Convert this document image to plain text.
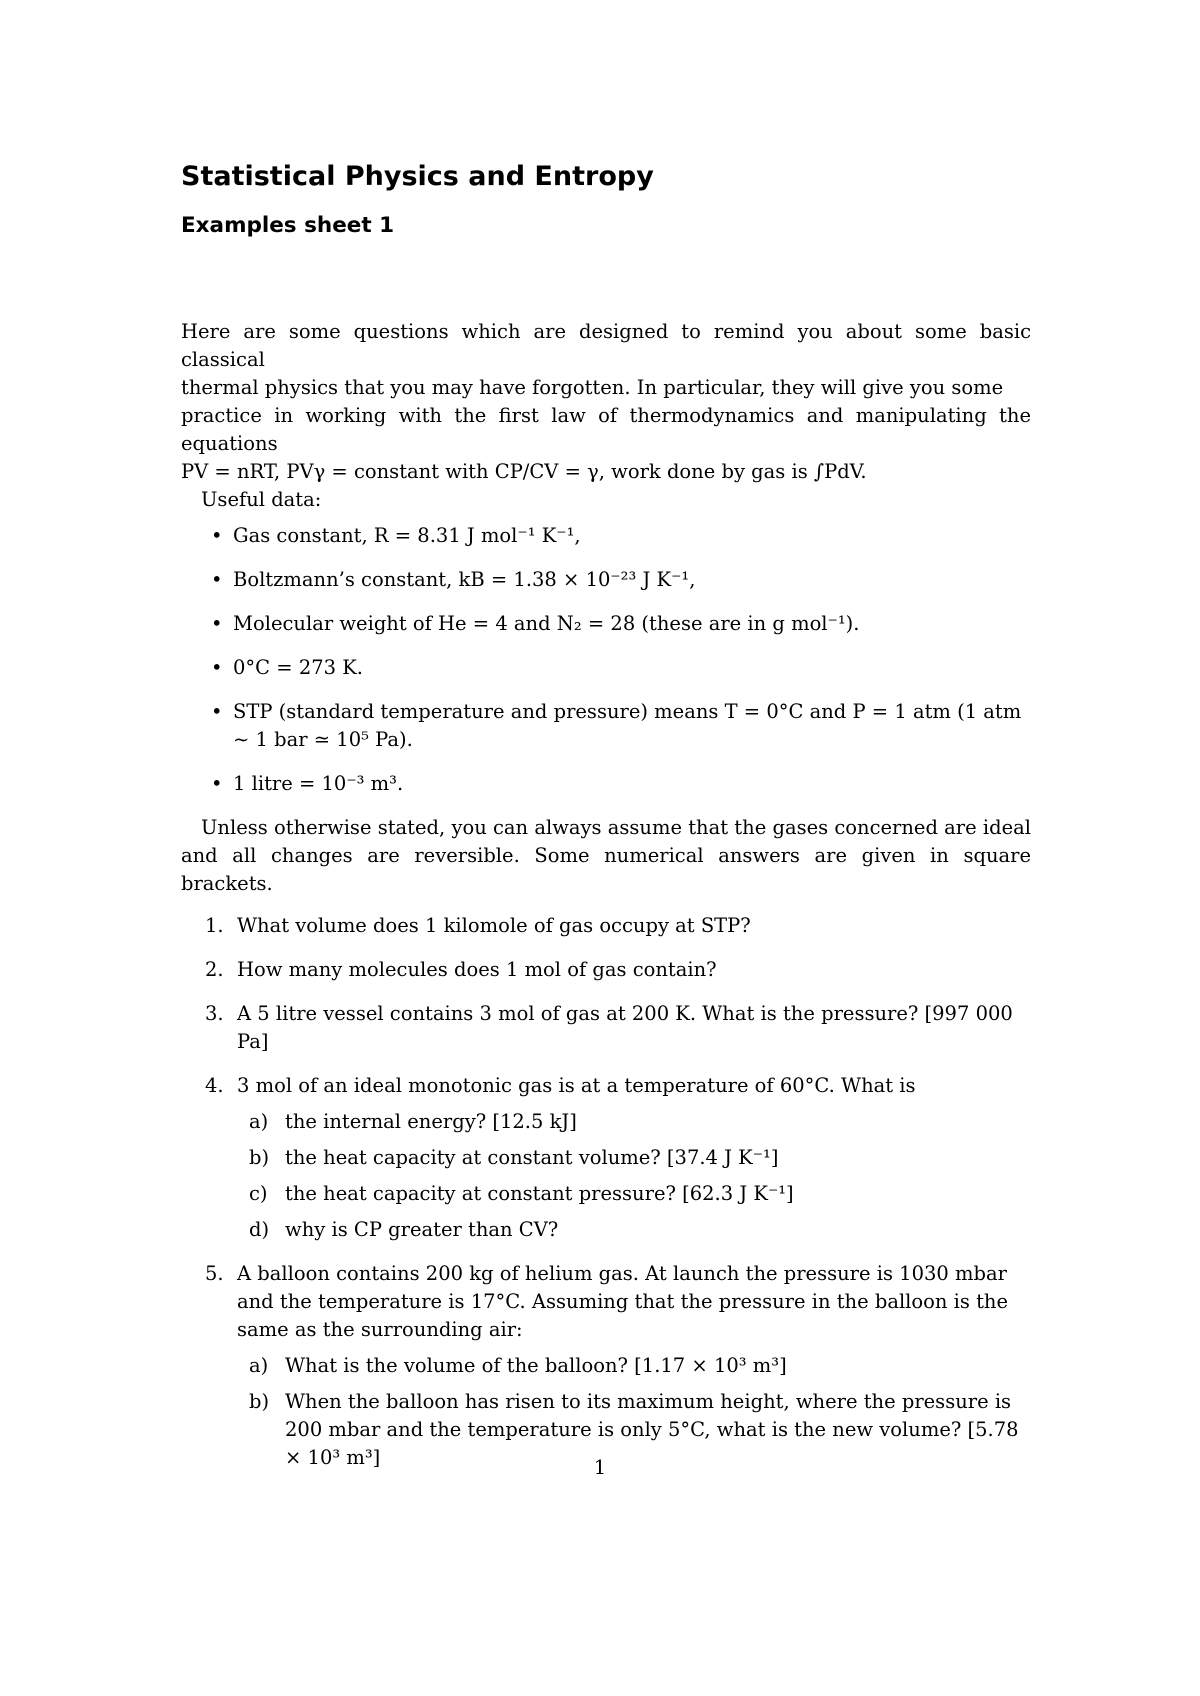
Statistical Physics and Entropy
Examples sheet 1
Here are some questions which are designed to remind you about some basic classical
thermal physics that you may have forgotten. In particular, they will give you some
practice in working with the first law of thermodynamics and manipulating the equations
PV = nRT, PVγ = constant with CP/CV = γ, work done by gas is ∫PdV.
Useful data:
• Gas constant, R = 8.31 J mol⁻¹ K⁻¹,
• Boltzmann’s constant, kB = 1.38 × 10⁻²³ J K⁻¹,
• Molecular weight of He = 4 and N₂ = 28 (these are in g mol⁻¹).
• 0°C = 273 K.
• STP (standard temperature and pressure) means T = 0°C and P = 1 atm (1 atm ∼ 1 bar ≃ 10⁵ Pa).
• 1 litre = 10⁻³ m³.
Unless otherwise stated, you can always assume that the gases concerned are ideal and all changes are reversible. Some numerical answers are given in square brackets.
1. What volume does 1 kilomole of gas occupy at STP?
2. How many molecules does 1 mol of gas contain?
3. A 5 litre vessel contains 3 mol of gas at 200 K. What is the pressure? [997 000 Pa]
4. 3 mol of an ideal monotonic gas is at a temperature of 60°C. What is
a) the internal energy? [12.5 kJ]
b) the heat capacity at constant volume? [37.4 J K⁻¹]
c) the heat capacity at constant pressure? [62.3 J K⁻¹]
d) why is CP greater than CV?
5. A balloon contains 200 kg of helium gas. At launch the pressure is 1030 mbar and the temperature is 17°C. Assuming that the pressure in the balloon is the same as the surrounding air:
a) What is the volume of the balloon? [1.17 × 10³ m³]
b) When the balloon has risen to its maximum height, where the pressure is 200 mbar and the temperature is only 5°C, what is the new volume? [5.78 × 10³ m³]	1
